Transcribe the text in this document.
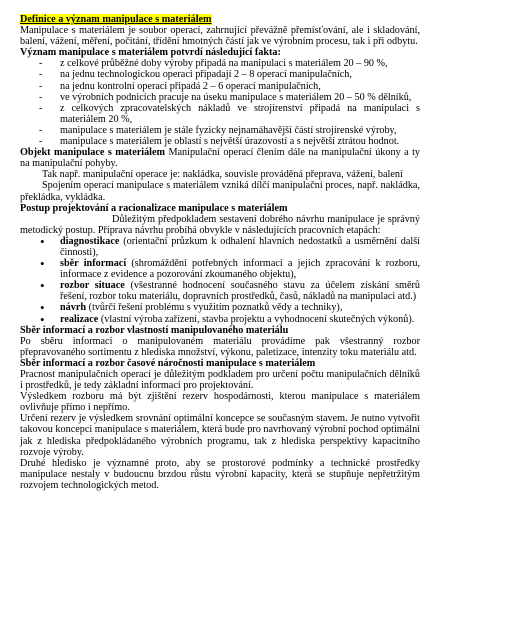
Definice a význam manipulace s materiálem

Manipulace s materiálem je soubor operací, zahrnující převážně přemísťování, ale i skladování, balení, vážení, měření, počítání, třídění hmotných částí jak ve výrobním procesu, tak i při odbytu.

Význam manipulace s materiálem potvrdí následující fakta:

- z celkové průběžné doby výroby připadá na manipulaci s materiálem 20 – 90 %,
- na jednu technologickou operaci připadají 2 – 8 operací manipulačních,
- na jednu kontrolní operaci připadá 2 – 6 operací manipulačních,
- ve výrobních podnicích pracuje na úseku manipulace s materiálem 20 – 50 % dělníků,
- z celkových zpracovatelských nákladů ve strojírenství připadá na manipulaci s materiálem 20 %,
- manipulace s materiálem je stále fyzicky nejnamáhavější částí strojírenské výroby,
- manipulace s materiálem je oblastí s největší úrazovostí a s největší ztrátou hodnot.

Objekt manipulace s materiálem Manipulační operací člením dále na manipulační úkony a ty na manipulační pohyby.

Tak např. manipulační operace je: nakládka, souvisle prováděná přeprava, vážení, balení

Spojením operací manipulace s materiálem vzniká dílčí manipulační proces, např. nakládka, překládka, vykládka.

Postup projektování a racionalizace manipulace s materiálem

Důležitým předpokladem sestavení dobrého návrhu manipulace je správný metodický postup. Příprava návrhu probíhá obvykle v následujících pracovních etapách:

• diagnostikace (orientační průzkum k odhalení hlavních nedostatků a usměrnění další činnosti),
• sběr informací (shromáždění potřebných informací a jejich zpracování k rozboru, informace z evidence a pozorování zkoumaného objektu),
• rozbor situace (všestranné hodnocení současného stavu za účelem získání směrů řešení, rozbor toku materiálu, dopravních prostředků, časů, nákladů na manipulaci atd.)
• návrh (tvůrčí řešení problému s využitím poznatků vědy a techniky),
• realizace (vlastní výroba zařízení, stavba projektu a vyhodnocení skutečných výkonů).

Sběr informací a rozbor vlastností manipulovaného materiálu

Po sběru informací o manipulovaném materiálu provádíme pak všestranný rozbor přepravovaného sortimentu z hlediska množství, výkonu, paletizace, intenzity toku materiálu atd.

Sběr informací a rozbor časové náročnosti manipulace s materiálem

Pracnost manipulačních operací je důležitým podkladem pro určení počtu manipulačních dělníků i prostředků, je tedy základní informací pro projektování.

Výsledkem rozboru má být zjištění rezerv hospodárnosti, kterou manipulace s materiálem ovlivňuje přímo i nepřímo.

Určení rezerv je výsledkem srovnání optimální koncepce se současným stavem. Je nutno vytvořit takovou koncepci manipulace s materiálem, která bude pro navrhovaný výrobní pochod optimální jak z hlediska předpokládaného výrobních programu, tak z hlediska perspektivy kapacitního rozvoje výroby.

Druhé hledisko je významné proto, aby se prostorové podmínky a technické prostředky manipulace nestaly v budoucnu brzdou růstu výrobní kapacity, která se stupňuje nepřetržitým rozvojem technologických metod.
